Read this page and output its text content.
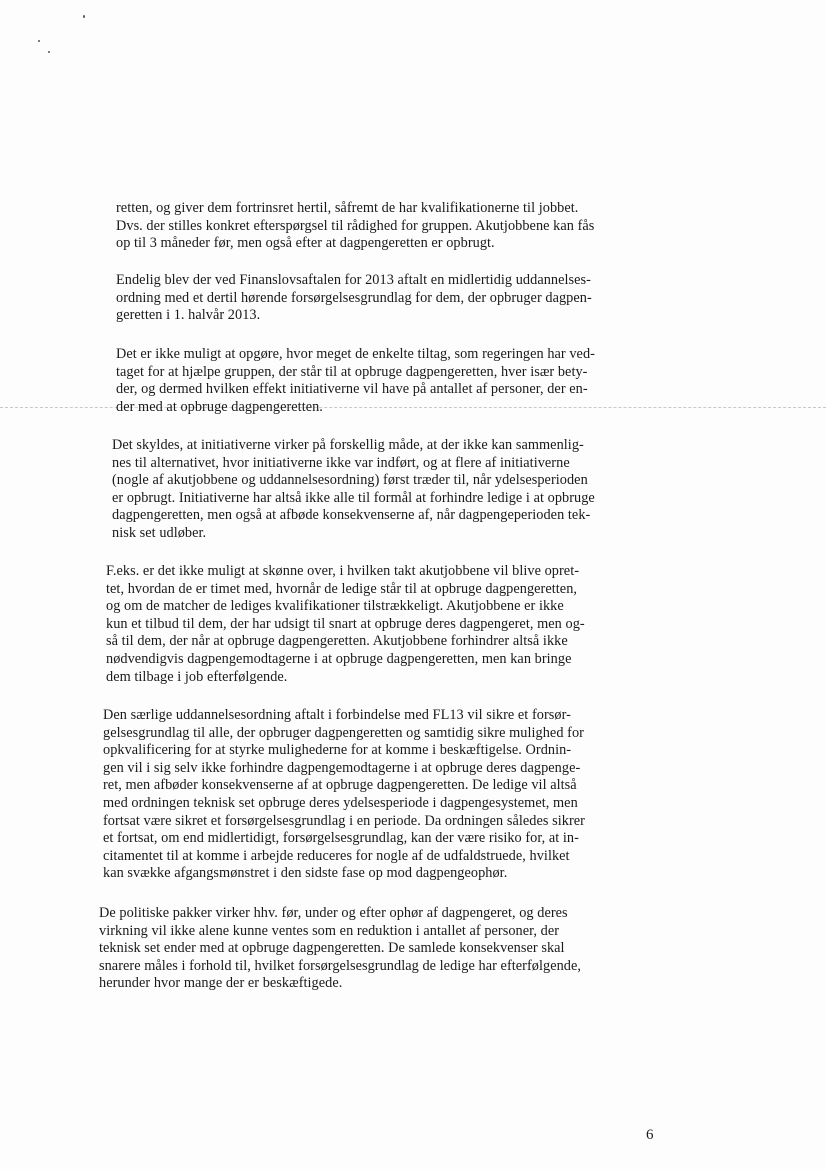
retten, og giver dem fortrinsret hertil, såfremt de har kvalifikationerne til jobbet.
Dvs. der stilles konkret efterspørgsel til rådighed for gruppen. Akutjobbene kan fås
op til 3 måneder før, men også efter at dagpengeretten er opbrugt.
Endelig blev der ved Finanslovsaftalen for 2013 aftalt en midlertidig uddannelses-
ordning med et dertil hørende forsørgelsesgrundlag for dem, der opbruger dagpen-
geretten i 1. halvår 2013.
Det er ikke muligt at opgøre, hvor meget de enkelte tiltag, som regeringen har ved-
taget for at hjælpe gruppen, der står til at opbruge dagpengeretten, hver især bety-
der, og dermed hvilken effekt initiativerne vil have på antallet af personer, der en-
der med at opbruge dagpengeretten.
Det skyldes, at initiativerne virker på forskellig måde, at der ikke kan sammenlig-
nes til alternativet, hvor initiativerne ikke var indført, og at flere af initiativerne
(nogle af akutjobbene og uddannelsesordning) først træder til, når ydelsesperioden
er opbrugt. Initiativerne har altså ikke alle til formål at forhindre ledige i at opbruge
dagpengeretten, men også at afbøde konsekvenserne af, når dagpengeperioden tek-
nisk set udløber.
F.eks. er det ikke muligt at skønne over, i hvilken takt akutjobbene vil blive opret-
tet, hvordan de er timet med, hvornår de ledige står til at opbruge dagpengeretten,
og om de matcher de lediges kvalifikationer tilstrækkeligt. Akutjobbene er ikke
kun et tilbud til dem, der har udsigt til snart at opbruge deres dagpengeret, men og-
så til dem, der når at opbruge dagpengeretten. Akutjobbene forhindrer altså ikke
nødvendigvis dagpengemodtagerne i at opbruge dagpengeretten, men kan bringe
dem tilbage i job efterfølgende.
Den særlige uddannelsesordning aftalt i forbindelse med FL13 vil sikre et forsør-
gelsesgrundlag til alle, der opbruger dagpengeretten og samtidig sikre mulighed for
opkvalificering for at styrke mulighederne for at komme i beskæftigelse. Ordnin-
gen vil i sig selv ikke forhindre dagpengemodtagerne i at opbruge deres dagpenge-
ret, men afbøder konsekvenserne af at opbruge dagpengeretten. De ledige vil altså
med ordningen teknisk set opbruge deres ydelsesperiode i dagpengesystemet, men
fortsat være sikret et forsørgelsesgrundlag i en periode. Da ordningen således sikrer
et fortsat, om end midlertidigt, forsørgelsesgrundlag, kan der være risiko for, at in-
citamentet til at komme i arbejde reduceres for nogle af de udfaldstruede, hvilket
kan svække afgangsmønstret i den sidste fase op mod dagpengeophør.
De politiske pakker virker hhv. før, under og efter ophør af dagpengeret, og deres
virkning vil ikke alene kunne ventes som en reduktion i antallet af personer, der
teknisk set ender med at opbruge dagpengeretten. De samlede konsekvenser skal
snarere måles i forhold til, hvilket forsørgelsesgrundlag de ledige har efterfølgende,
herunder hvor mange der er beskæftigede.
6
